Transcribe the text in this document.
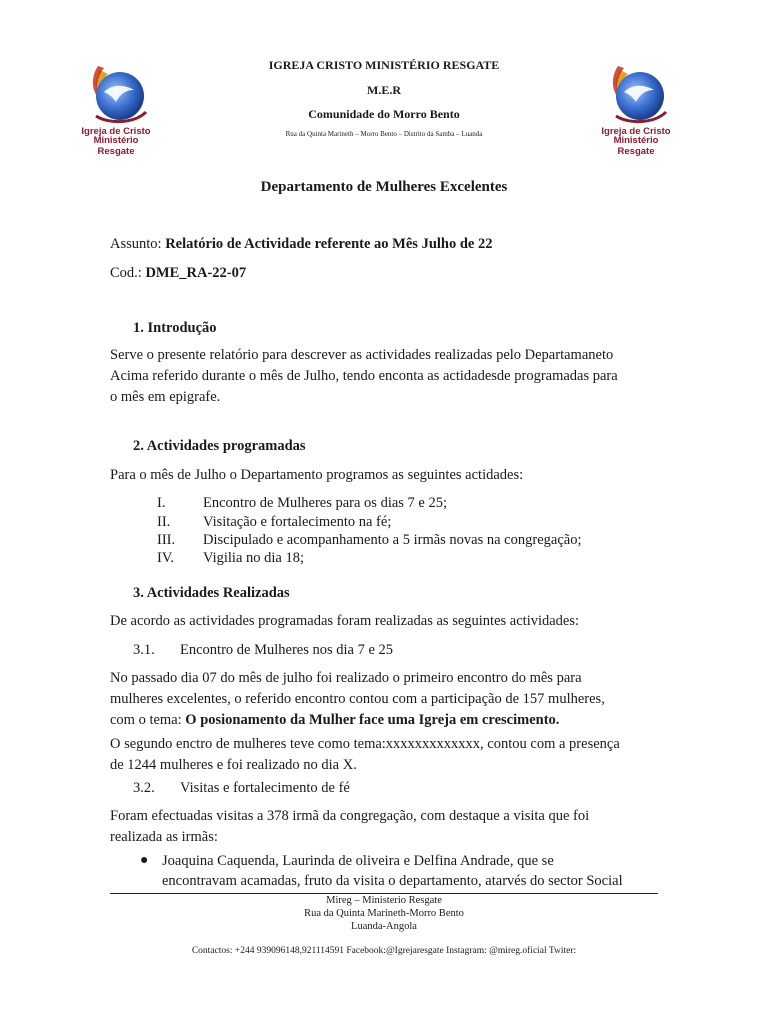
Igreja de Cristo
Ministério Resgate
Igreja de Cristo
Ministério Resgate
IGREJA CRISTO MINISTÉRIO RESGATE
M.E.R
Comunidade do Morro Bento
Rua da Quinta Marineth – Morro Bento – Distrito da Samba – Luanda
Departamento de Mulheres Excelentes
Assunto: Relatório de Actividade referente ao Mês Julho de 22
Cod.: DME_RA-22-07
1. Introdução
Serve o presente relatório para descrever as actividades realizadas pelo Departamaneto
Acima referido durante o mês de Julho, tendo enconta as actidadesde programadas para
o mês em epigrafe.
2. Actividades programadas
Para o mês de Julho o Departamento programos as seguintes actidades:
I.	Encontro de Mulheres para os dias 7 e 25;
II. Visitação e fortalecimento na fé;
III. Discipulado e acompanhamento a 5 irmãs novas na congregação;
IV. Vigilia no dia 18;
3. Actividades Realizadas
De acordo as actividades programadas foram realizadas as seguintes actividades:
3.1. Encontro de Mulheres nos dia 7 e 25
No passado dia 07 do mês de julho foi realizado o primeiro encontro do mês para
mulheres excelentes, o referido encontro contou com a participação de 157 mulheres,
com o tema: O posionamento da Mulher face uma Igreja em crescimento.
O segundo enctro de mulheres teve como tema:xxxxxxxxxxxxx, contou com a presença
de 1244 mulheres e foi realizado no dia X.
3.2. Visitas e fortalecimento de fé
Foram efectuadas visitas a 378 irmã da congregação, com destaque a visita que foi
realizada as irmãs:
● Joaquina Caquenda, Laurinda de oliveira e Delfina Andrade, que se
encontravam acamadas, fruto da visita o departamento, atarvés do sector Social
Mireg – Ministerio Resgate
Rua da Quinta Marineth-Morro Bento
Luanda-Angola
Contactos: +244 939096148,921114591 Facebook:@Igrejaresgate Instagram: @mireg.oficial Twiter:
